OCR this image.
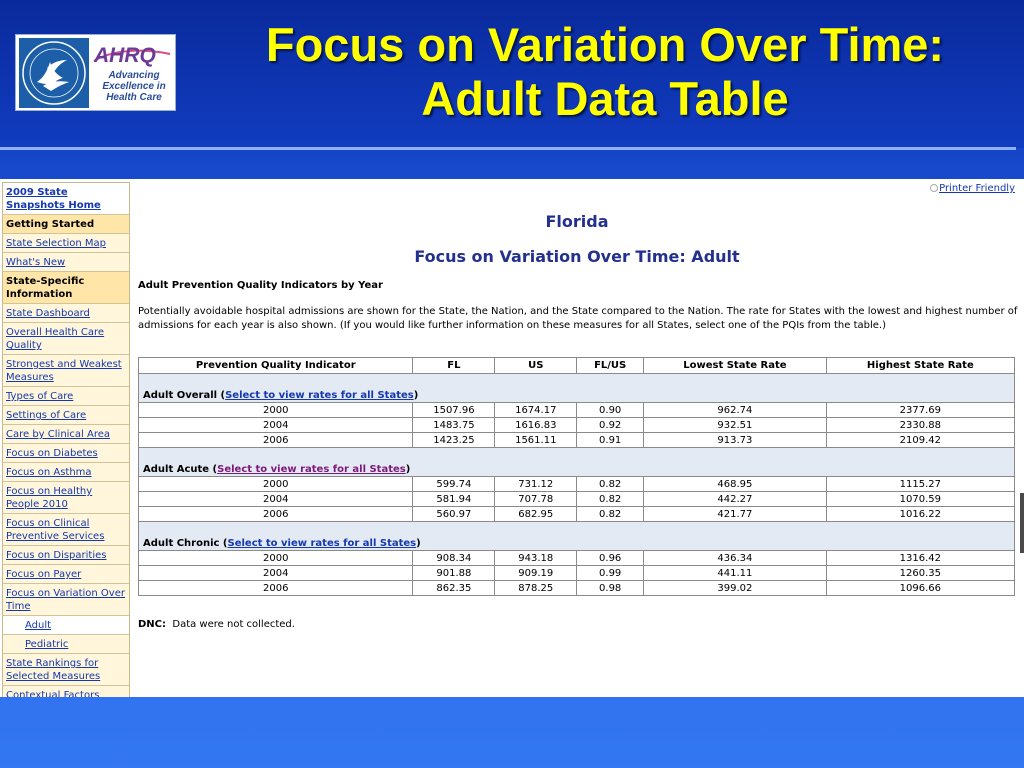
AHRQ
Advancing Excellence in Health Care
Focus on Variation Over Time: Adult Data Table
2009 State Snapshots Home
Getting Started
State Selection Map
What's New
State-Specific Information
State Dashboard
Overall Health Care Quality
Strongest and Weakest Measures
Types of Care
Settings of Care
Care by Clinical Area
Focus on Diabetes
Focus on Asthma
Focus on Healthy People 2010
Focus on Clinical Preventive Services
Focus on Disparities
Focus on Payer
Focus on Variation Over Time
Adult
Pediatric
State Rankings for Selected Measures
Contextual Factors
Printer Friendly
Florida
Focus on Variation Over Time: Adult
Adult Prevention Quality Indicators by Year
Potentially avoidable hospital admissions are shown for the State, the Nation, and the State compared to the Nation. The rate for States with the lowest and highest number of admissions for each year is also shown. (If you would like further information on these measures for all States, select one of the PQIs from the table.)
Prevention Quality Indicator	FL	US	FL/US	Lowest State Rate	Highest State Rate
Adult Overall (Select to view rates for all States)					
2000	1507.96	1674.17	0.90	962.74	2377.69
2004	1483.75	1616.83	0.92	932.51	2330.88
2006	1423.25	1561.11	0.91	913.73	2109.42
Adult Acute (Select to view rates for all States)					
2000	599.74	731.12	0.82	468.95	1115.27
2004	581.94	707.78	0.82	442.27	1070.59
2006	560.97	682.95	0.82	421.77	1016.22
Adult Chronic (Select to view rates for all States)					
2000	908.34	943.18	0.96	436.34	1316.42
2004	901.88	909.19	0.99	441.11	1260.35
2006	862.35	878.25	0.98	399.02	1096.66
DNC: Data were not collected.
